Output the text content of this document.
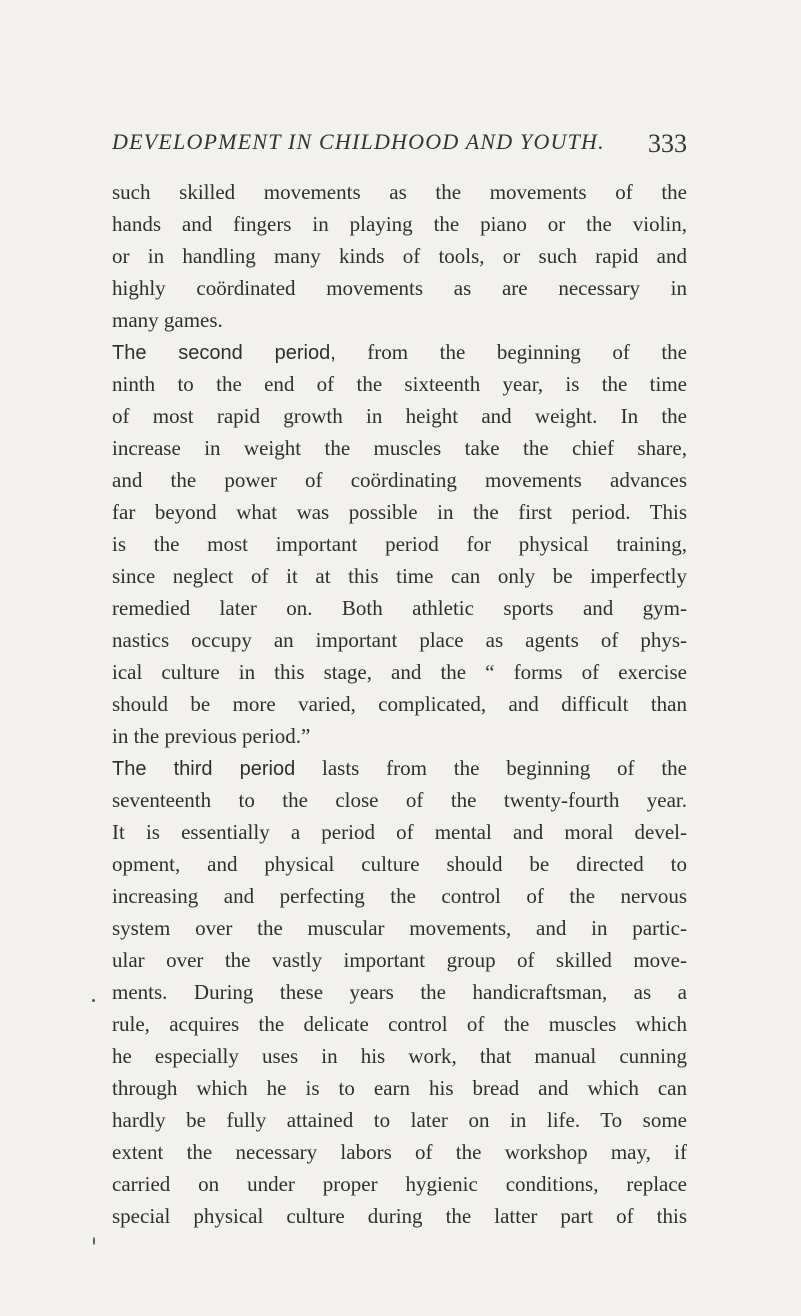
DEVELOPMENT IN CHILDHOOD AND YOUTH. 333
such skilled movements as the movements of the
hands and fingers in playing the piano or the violin,
or in handling many kinds of tools, or such rapid and
highly coördinated movements as are necessary in
many games.
The second period, from the beginning of the
ninth to the end of the sixteenth year, is the time
of most rapid growth in height and weight. In the
increase in weight the muscles take the chief share,
and the power of coördinating movements advances
far beyond what was possible in the first period. This
is the most important period for physical training,
since neglect of it at this time can only be imperfectly
remedied later on. Both athletic sports and gym-
nastics occupy an important place as agents of phys-
ical culture in this stage, and the “ forms of exercise
should be more varied, complicated, and difficult than
in the previous period.”
The third period lasts from the beginning of the
seventeenth to the close of the twenty-fourth year.
It is essentially a period of mental and moral devel-
opment, and physical culture should be directed to
increasing and perfecting the control of the nervous
system over the muscular movements, and in partic-
ular over the vastly important group of skilled move-
ments. During these years the handicraftsman, as a
rule, acquires the delicate control of the muscles which
he especially uses in his work, that manual cunning
through which he is to earn his bread and which can
hardly be fully attained to later on in life. To some
extent the necessary labors of the workshop may, if
carried on under proper hygienic conditions, replace
special physical culture during the latter part of this
